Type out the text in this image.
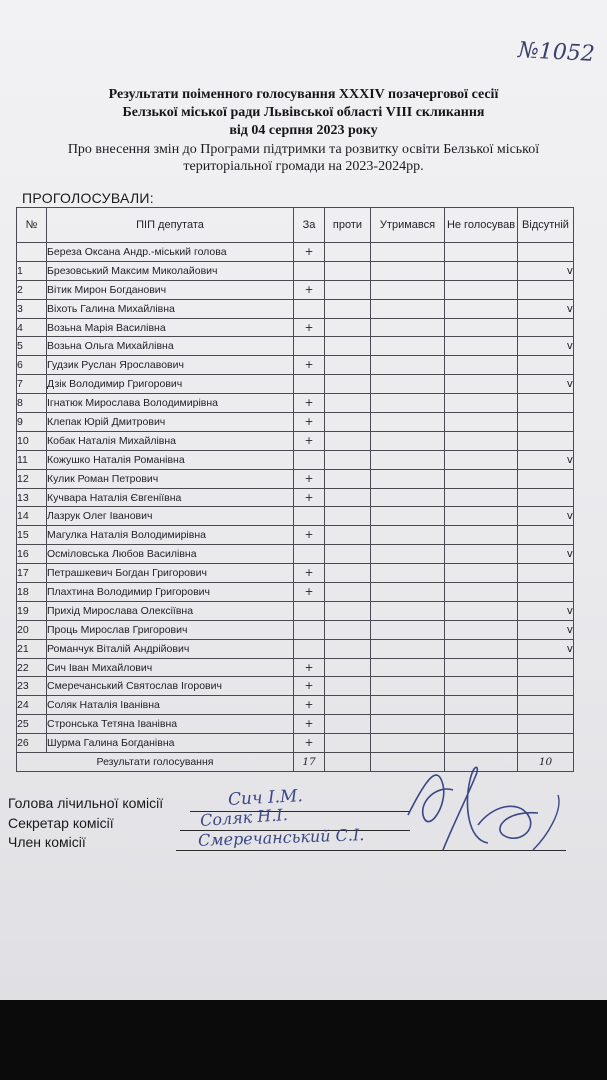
№1052
Результати поіменного голосування XXXIV позачергової сесії
Белзької міської ради Львівської області VIII скликання
від 04 серпня 2023 року
Про внесення змін до Програми підтримки та розвитку освіти Белзької міської
територіальної громади на 2023-2024рр.
ПРОГОЛОСУВАЛИ:
№	ПІП депутата	За	проти	Утримався	Не голосував	Відсутній
	Береза Оксана Андр.-міський голова	+				
1	Брезовський Максим Миколайович					v
2	Вітик Мирон Богданович	+				
3	Віхоть Галина Михайлівна					v
4	Возьна Марія Василівна	+				
5	Возьна Ольга Михайлівна					v
6	Гудзик Руслан Ярославович	+				
7	Дзік Володимир Григорович					v
8	Ігнатюк Мирослава Володимирівна	+				
9	Клепак Юрій Дмитрович	+				
10	Кобак Наталія Михайлівна	+				
11	Кожушко Наталія Романівна					v
12	Кулик Роман Петрович	+				
13	Кучвара Наталія Євгеніївна	+				
14	Лазрук Олег Іванович					v
15	Магулка Наталія Володимирівна	+				
16	Осміловська Любов Василівна					v
17	Петрашкевич Богдан Григорович	+				
18	Плахтина Володимир Григорович	+				
19	Прихід Мирослава Олексіївна					v
20	Проць Мирослав Григорович					v
21	Романчук Віталій Андрійович					v
22	Сич Іван Михайлович	+				
23	Смеречанський Святослав Ігорович	+				
24	Соляк Наталія Іванівна	+				
25	Стронська Тетяна Іванівна	+				
26	Шурма Галина Богданівна	+				
Результати голосування		17				10
Голова лічильної комісії	Сич І.М.
Секретар комісії	Соляк Н.І.
Член комісії	Смеречанський С.І.
